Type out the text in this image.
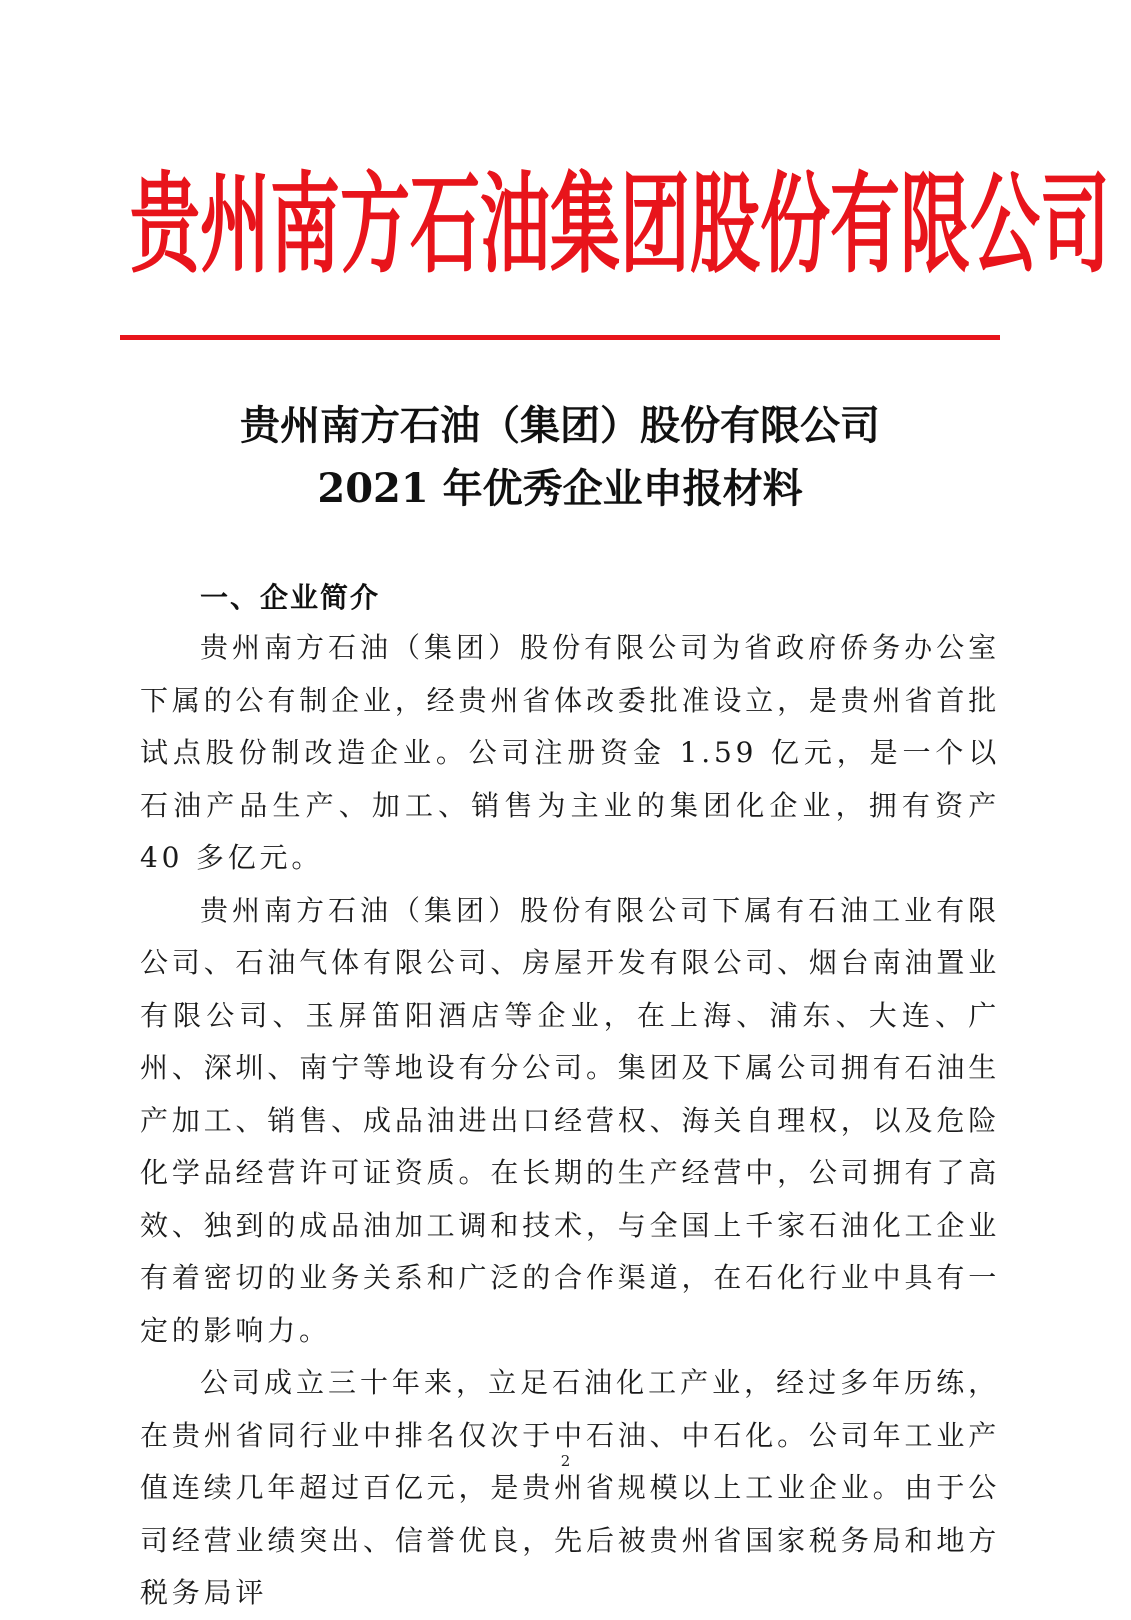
贵州南方石油集团股份有限公司
贵州南方石油（集团）股份有限公司
2021 年优秀企业申报材料
一、企业简介

贵州南方石油（集团）股份有限公司为省政府侨务办公室下属的公有制企业，经贵州省体改委批准设立，是贵州省首批试点股份制改造企业。公司注册资金 1.59 亿元，是一个以石油产品生产、加工、销售为主业的集团化企业，拥有资产 40 多亿元。

贵州南方石油（集团）股份有限公司下属有石油工业有限公司、石油气体有限公司、房屋开发有限公司、烟台南油置业有限公司、玉屏笛阳酒店等企业，在上海、浦东、大连、广州、深圳、南宁等地设有分公司。集团及下属公司拥有石油生产加工、销售、成品油进出口经营权、海关自理权，以及危险化学品经营许可证资质。在长期的生产经营中，公司拥有了高效、独到的成品油加工调和技术，与全国上千家石油化工企业有着密切的业务关系和广泛的合作渠道，在石化行业中具有一定的影响力。

公司成立三十年来，立足石油化工产业，经过多年历练，在贵州省同行业中排名仅次于中石油、中石化。公司年工业产值连续几年超过百亿元，是贵州省规模以上工业企业。由于公司经营业绩突出、信誉优良，先后被贵州省国家税务局和地方税务局评

2
